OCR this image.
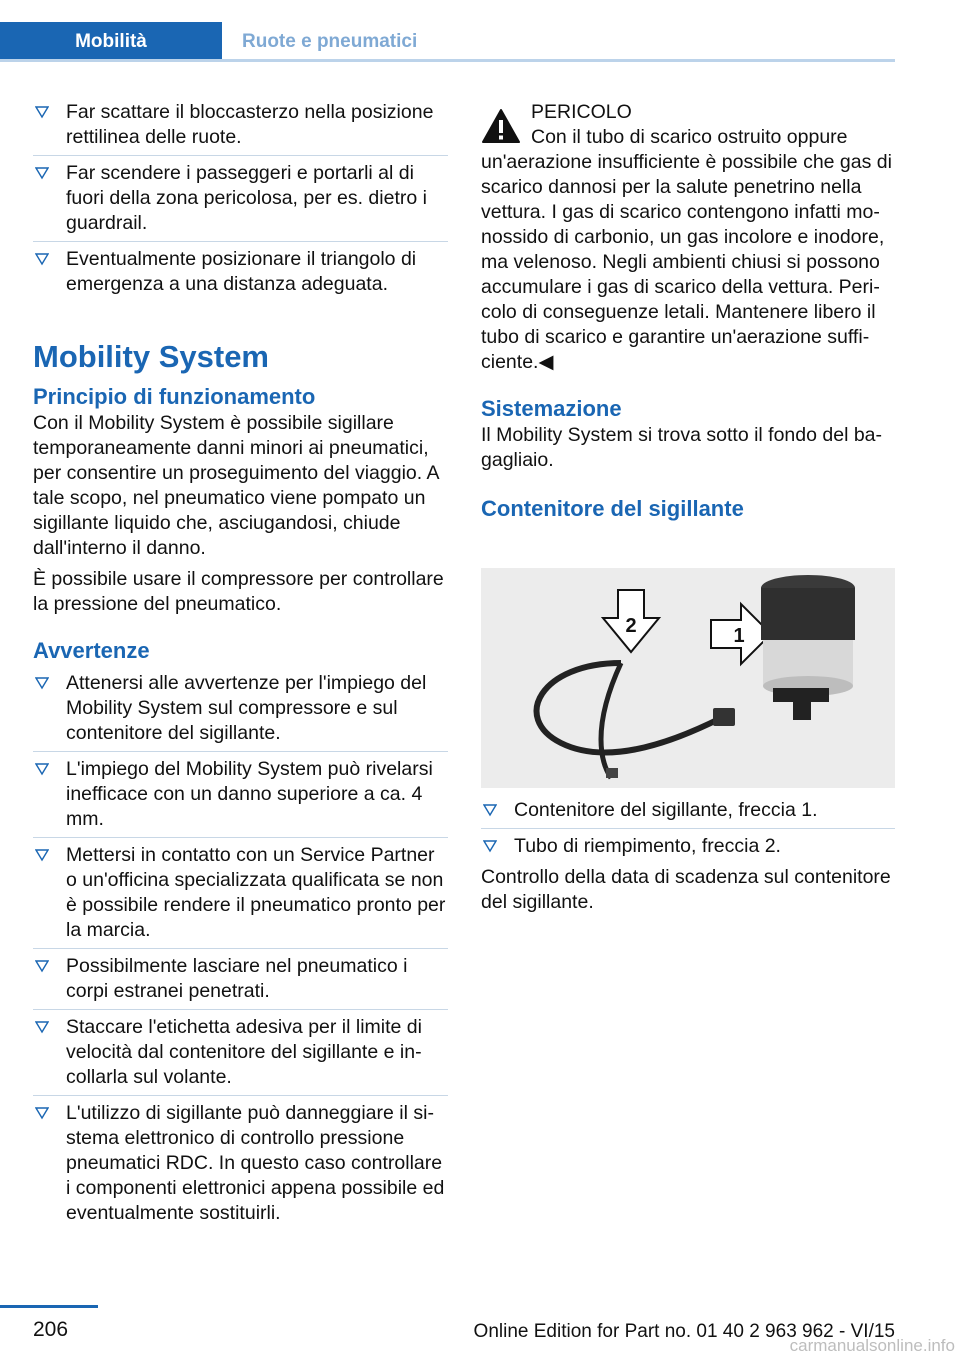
Mobilità	Ruote e pneumatici
Far scattare il bloccasterzo nella posizione rettilinea delle ruote.
Far scendere i passeggeri e portarli al di fuori della zona pericolosa, per es. dietro i guardrail.
Eventualmente posizionare il triangolo di emergenza a una distanza adeguata.
Mobility System
Principio di funzionamento

Con il Mobility System è possibile sigillare temporaneamente danni minori ai pneumatici, per consentire un proseguimento del viaggio. A tale scopo, nel pneumatico viene pompato un sigillante liquido che, asciugandosi, chiude dall'interno il danno.

È possibile usare il compressore per controllare la pressione del pneumatico.

Avvertenze
Attenersi alle avvertenze per l'impiego del Mobility System sul compressore e sul contenitore del sigillante.
L'impiego del Mobility System può rivelarsi inefficace con un danno superiore a ca. 4 mm.
Mettersi in contatto con un Service Partner o un'officina specializzata qualificata se non è possibile rendere il pneumatico pronto per la marcia.
Possibilmente lasciare nel pneumatico i corpi estranei penetrati.
Staccare l'etichetta adesiva per il limite di velocità dal contenitore del sigillante e incollarla sul volante.
L'utilizzo di sigillante può danneggiare il sistema elettronico di controllo pressione pneumatici RDC. In questo caso controllare i componenti elettronici appena possibile ed eventualmente sostituirli.

PERICOLO

Con il tubo di scarico ostruito oppure un'aerazione insufficiente è possibile che gas di scarico dannosi per la salute penetrino nella vettura. I gas di scarico contengono infatti monossido di carbonio, un gas incolore e inodore, ma velenoso. Negli ambienti chiusi si possono accumulare i gas di scarico della vettura. Pericolo di conseguenze letali. Mantenere libero il tubo di scarico e garantire un'aerazione sufficiente.◀

Sistemazione

Il Mobility System si trova sotto il fondo del bagagliaio.

Contenitore del sigillante
2	1
Contenitore del sigillante, freccia 1.
Tubo di riempimento, freccia 2.

Controllo della data di scadenza sul contenitore del sigillante.

206	Online Edition for Part no. 01 40 2 963 962 - VI/15
carmanualsonline.info
